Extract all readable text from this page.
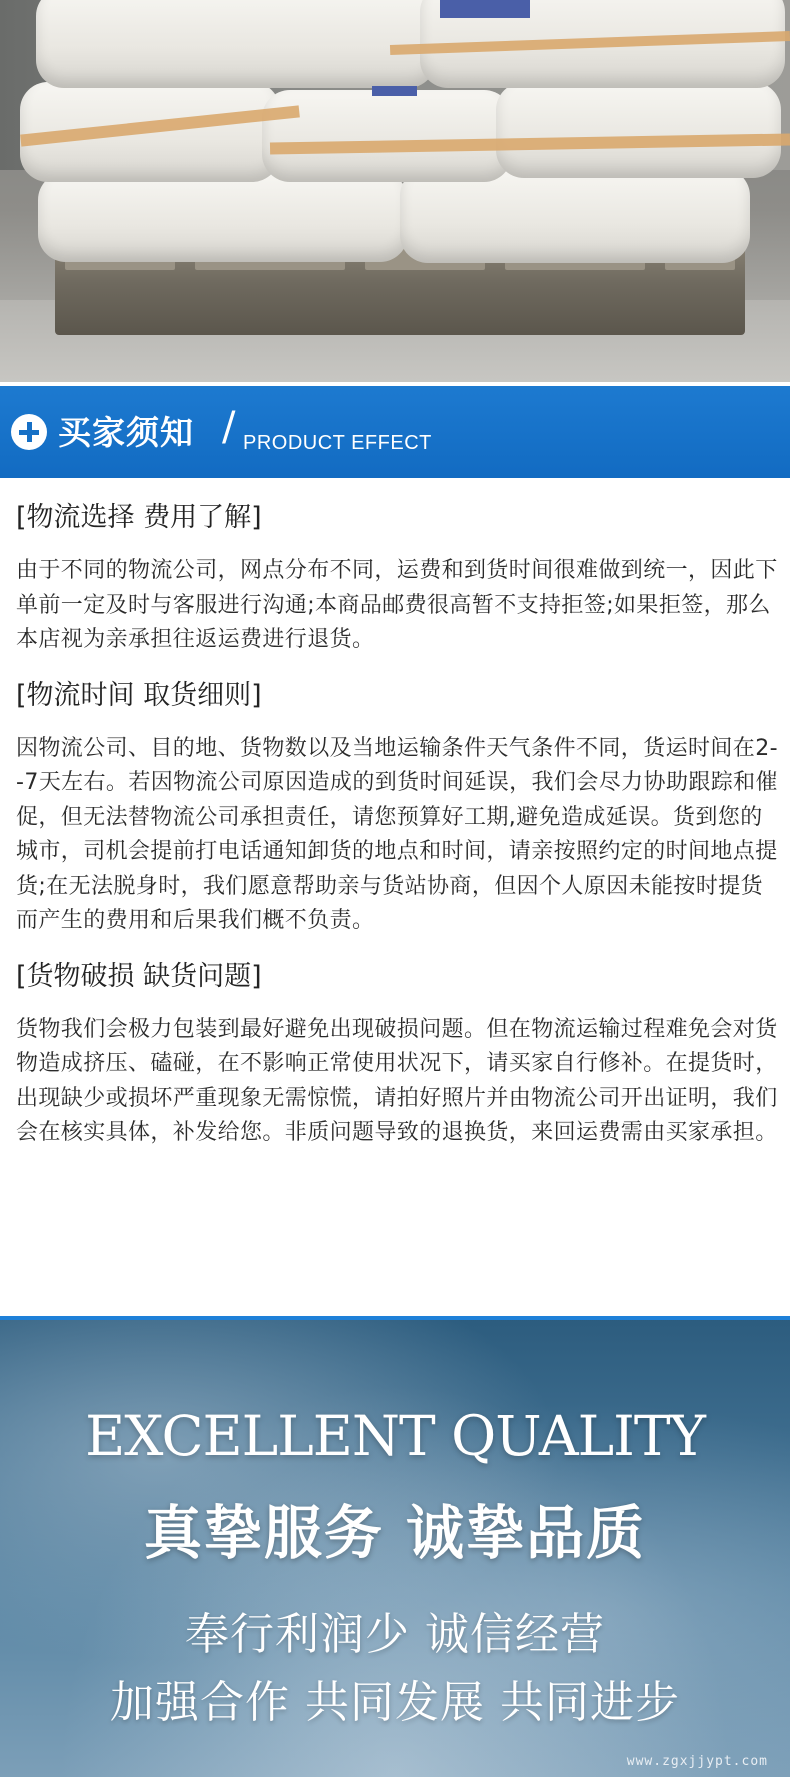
买家须知 / PRODUCT EFFECT

[物流选择 费用了解]

由于不同的物流公司，网点分布不同，运费和到货时间很难做到统一，因此下单前一定及时与客服进行沟通;本商品邮费很高暂不支持拒签;如果拒签，那么本店视为亲承担往返运费进行退货。

[物流时间 取货细则]

因物流公司、目的地、货物数以及当地运输条件天气条件不同，货运时间在2--7天左右。若因物流公司原因造成的到货时间延误，我们会尽力协助跟踪和催促，但无法替物流公司承担责任，请您预算好工期,避免造成延误。货到您的城市，司机会提前打电话通知卸货的地点和时间，请亲按照约定的时间地点提货;在无法脱身时，我们愿意帮助亲与货站协商，但因个人原因未能按时提货而产生的费用和后果我们概不负责。

[货物破损 缺货问题]

货物我们会极力包装到最好避免出现破损问题。但在物流运输过程难免会对货物造成挤压、磕碰，在不影响正常使用状况下，请买家自行修补。在提货时，出现缺少或损坏严重现象无需惊慌，请拍好照片并由物流公司开出证明，我们会在核实具体，补发给您。非质问题导致的退换货，来回运费需由买家承担。

EXCELLENT QUALITY
真挚服务 诚挚品质
奉行利润少 诚信经营
加强合作 共同发展 共同进步
www.zgxjjypt.com
